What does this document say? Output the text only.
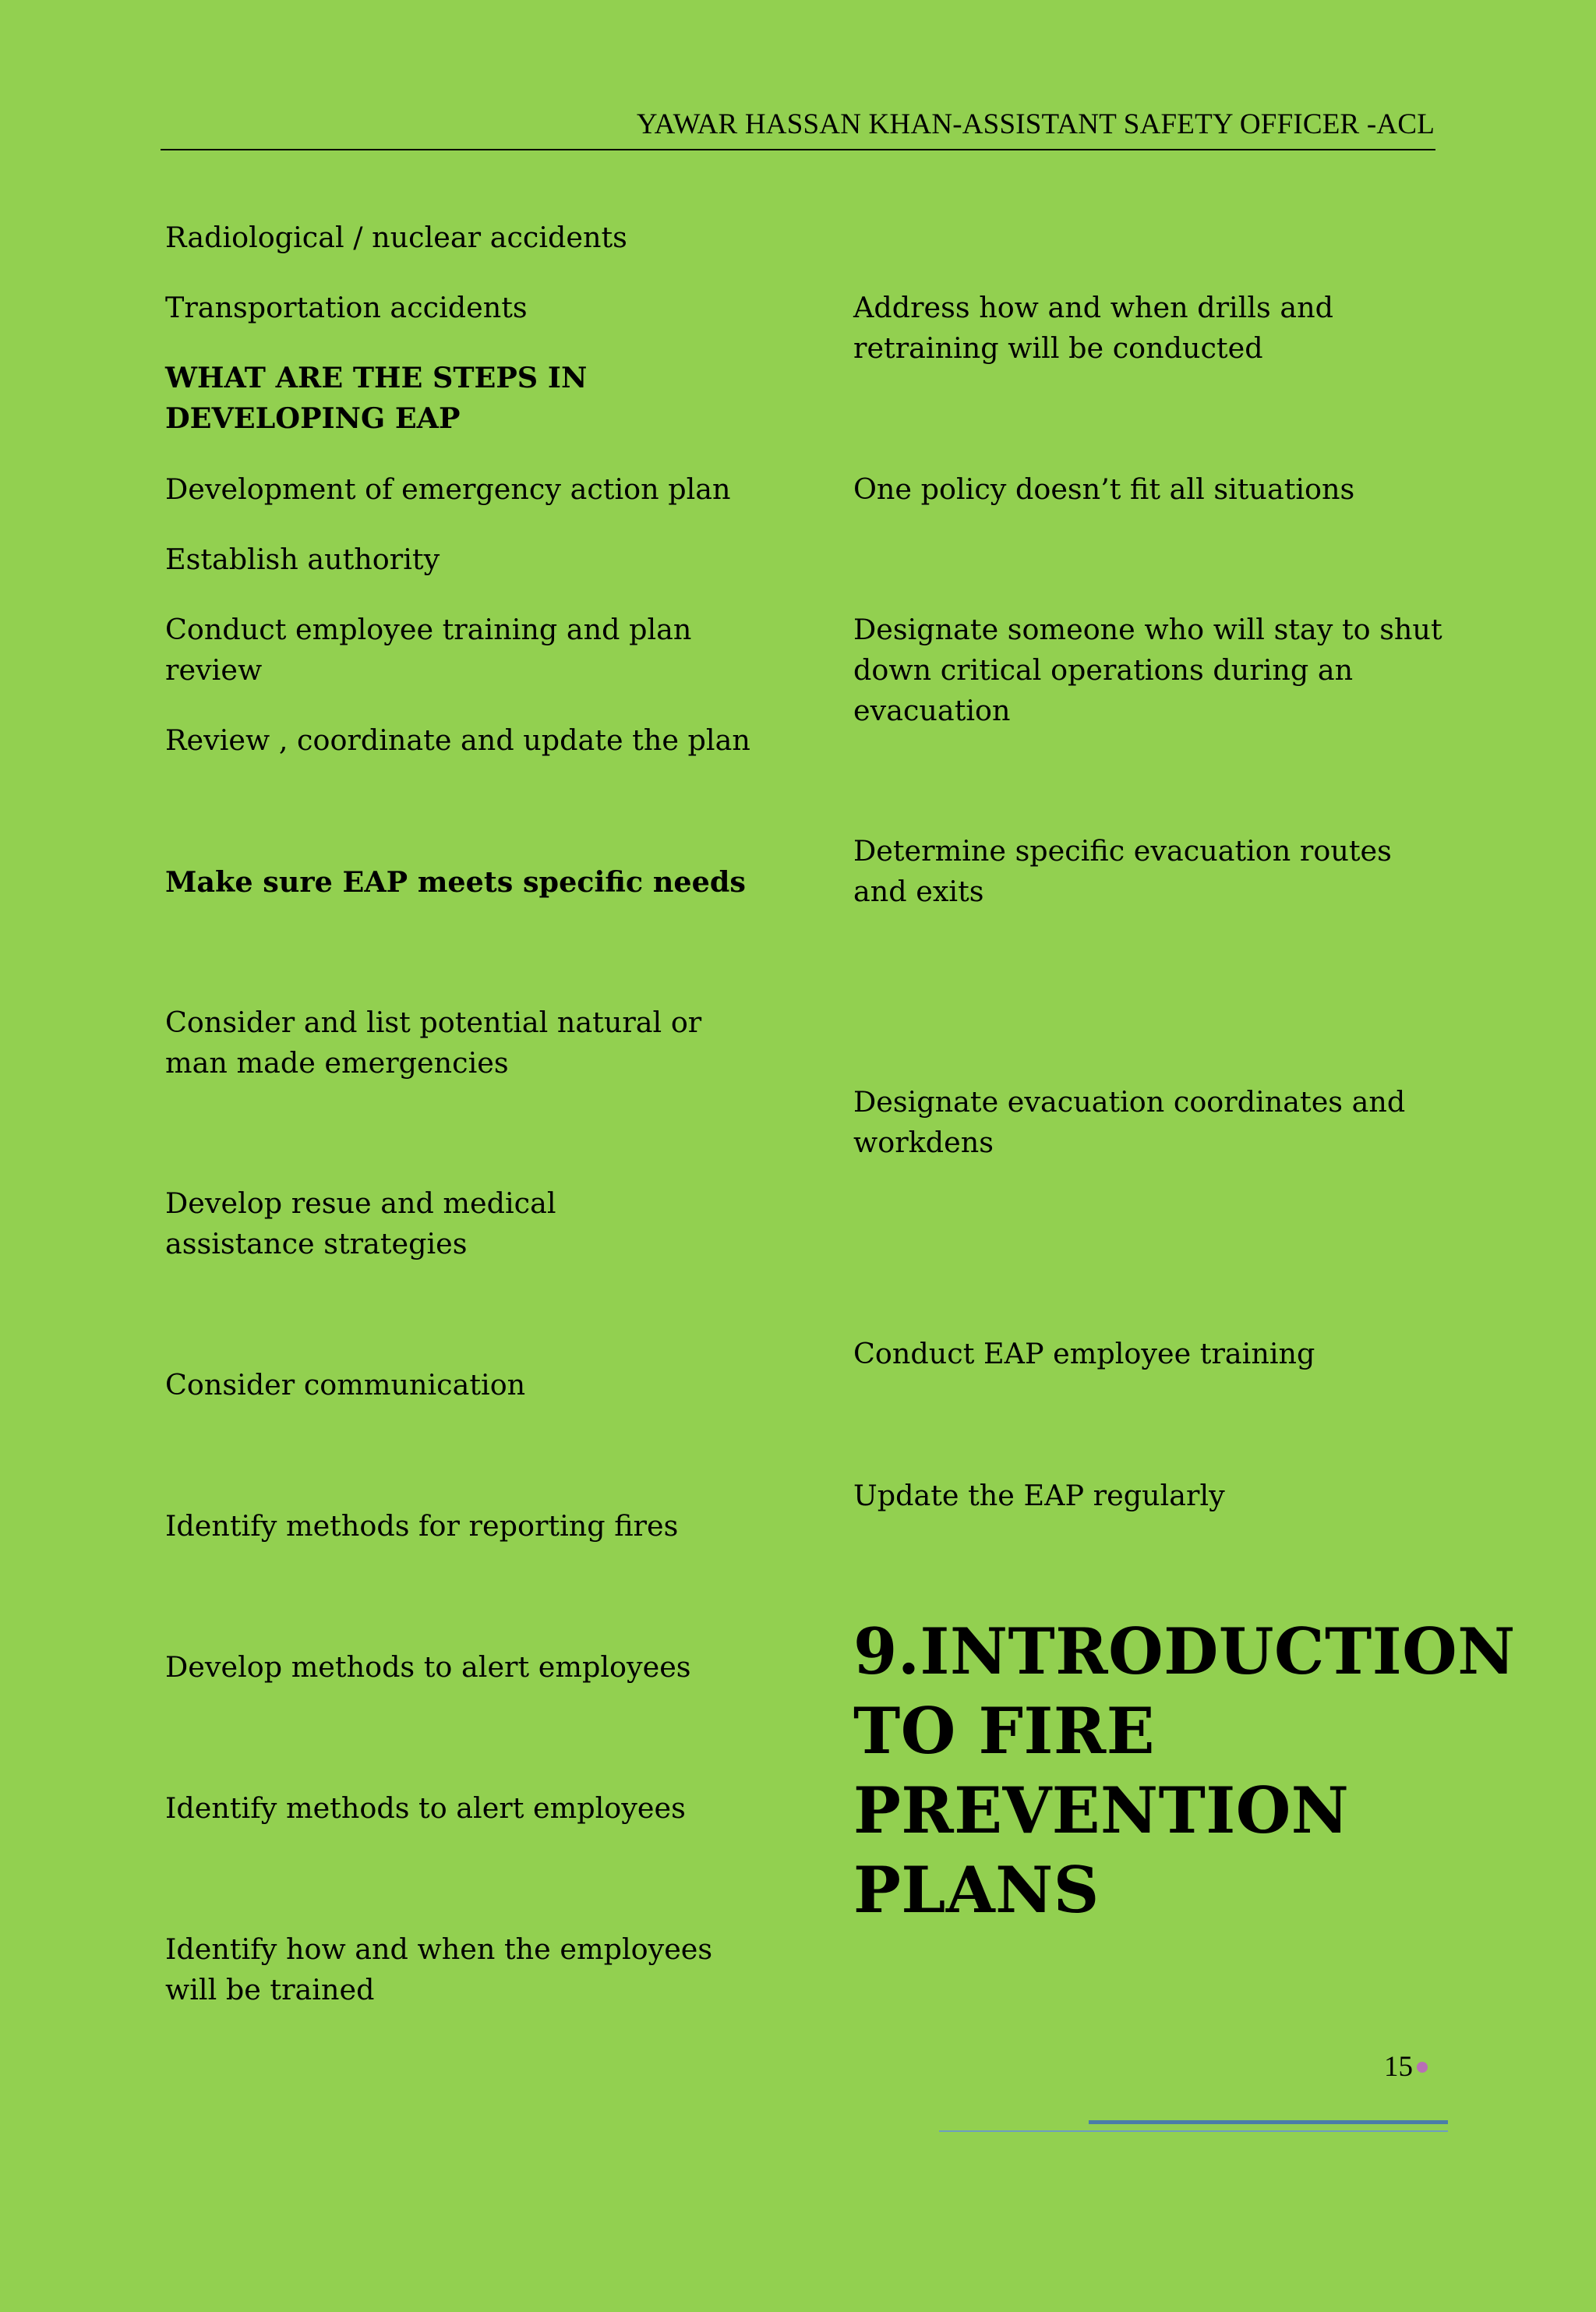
YAWAR HASSAN KHAN-ASSISTANT SAFETY OFFICER -ACL

Radiological / nuclear accidents

Transportation accidents

WHAT ARE THE STEPS IN DEVELOPING EAP

Development of emergency action plan

Establish authority

Conduct employee training and plan review

Review , coordinate and update the plan

Make sure EAP meets specific needs

Consider and list potential natural or man made emergencies

Develop resue and medical assistance strategies

Consider communication

Identify methods for reporting fires

Develop methods to alert employees

Identify methods to alert employees

Identify how and when the employees will be trained

Address how and when drills and retraining will be conducted

One policy doesn’t fit all situations

Designate someone who will stay to shut down critical operations during an evacuation

Determine specific evacuation routes and exits

Designate evacuation coordinates and workdens

Conduct EAP employee training

Update the EAP regularly

9.INTRODUCTION TO FIRE PREVENTION PLANS
15
